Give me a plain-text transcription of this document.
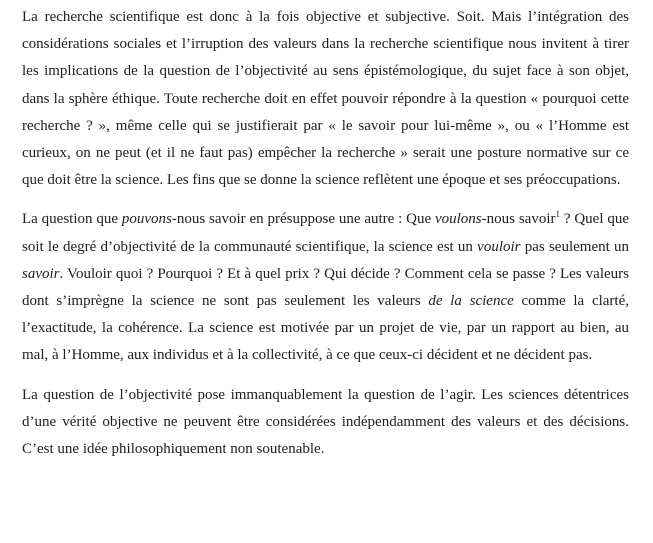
La recherche scientifique est donc à la fois objective et subjective. Soit. Mais l’intégration des considérations sociales et l’irruption des valeurs dans la recherche scientifique nous invitent à tirer les implications de la question de l’objectivité au sens épistémologique, du sujet face à son objet, dans la sphère éthique. Toute recherche doit en effet pouvoir répondre à la question « pourquoi cette recherche ? », même celle qui se justifierait par « le savoir pour lui-même », ou « l’Homme est curieux, on ne peut (et il ne faut pas) empêcher la recherche » serait une posture normative sur ce que doit être la science. Les fins que se donne la science reflètent une époque et ses préoccupations.

La question que pouvons-nous savoir en présuppose une autre : Que voulons-nous savoir$^1$ ? Quel que soit le degré d’objectivité de la communauté scientifique, la science est un vouloir pas seulement un savoir. Vouloir quoi ? Pourquoi ? Et à quel prix ? Qui décide ? Comment cela se passe ? Les valeurs dont s’imprègne la science ne sont pas seulement les valeurs de la science comme la clarté, l’exactitude, la cohérence. La science est motivée par un projet de vie, par un rapport au bien, au mal, à l’Homme, aux individus et à la collectivité, à ce que ceux-ci décident et ne décident pas.

La question de l’objectivité pose immanquablement la question de l’agir. Les sciences détentrices d’une vérité objective ne peuvent être considérées indépendamment des valeurs et des décisions. C’est une idée philosophiquement non soutenable.
